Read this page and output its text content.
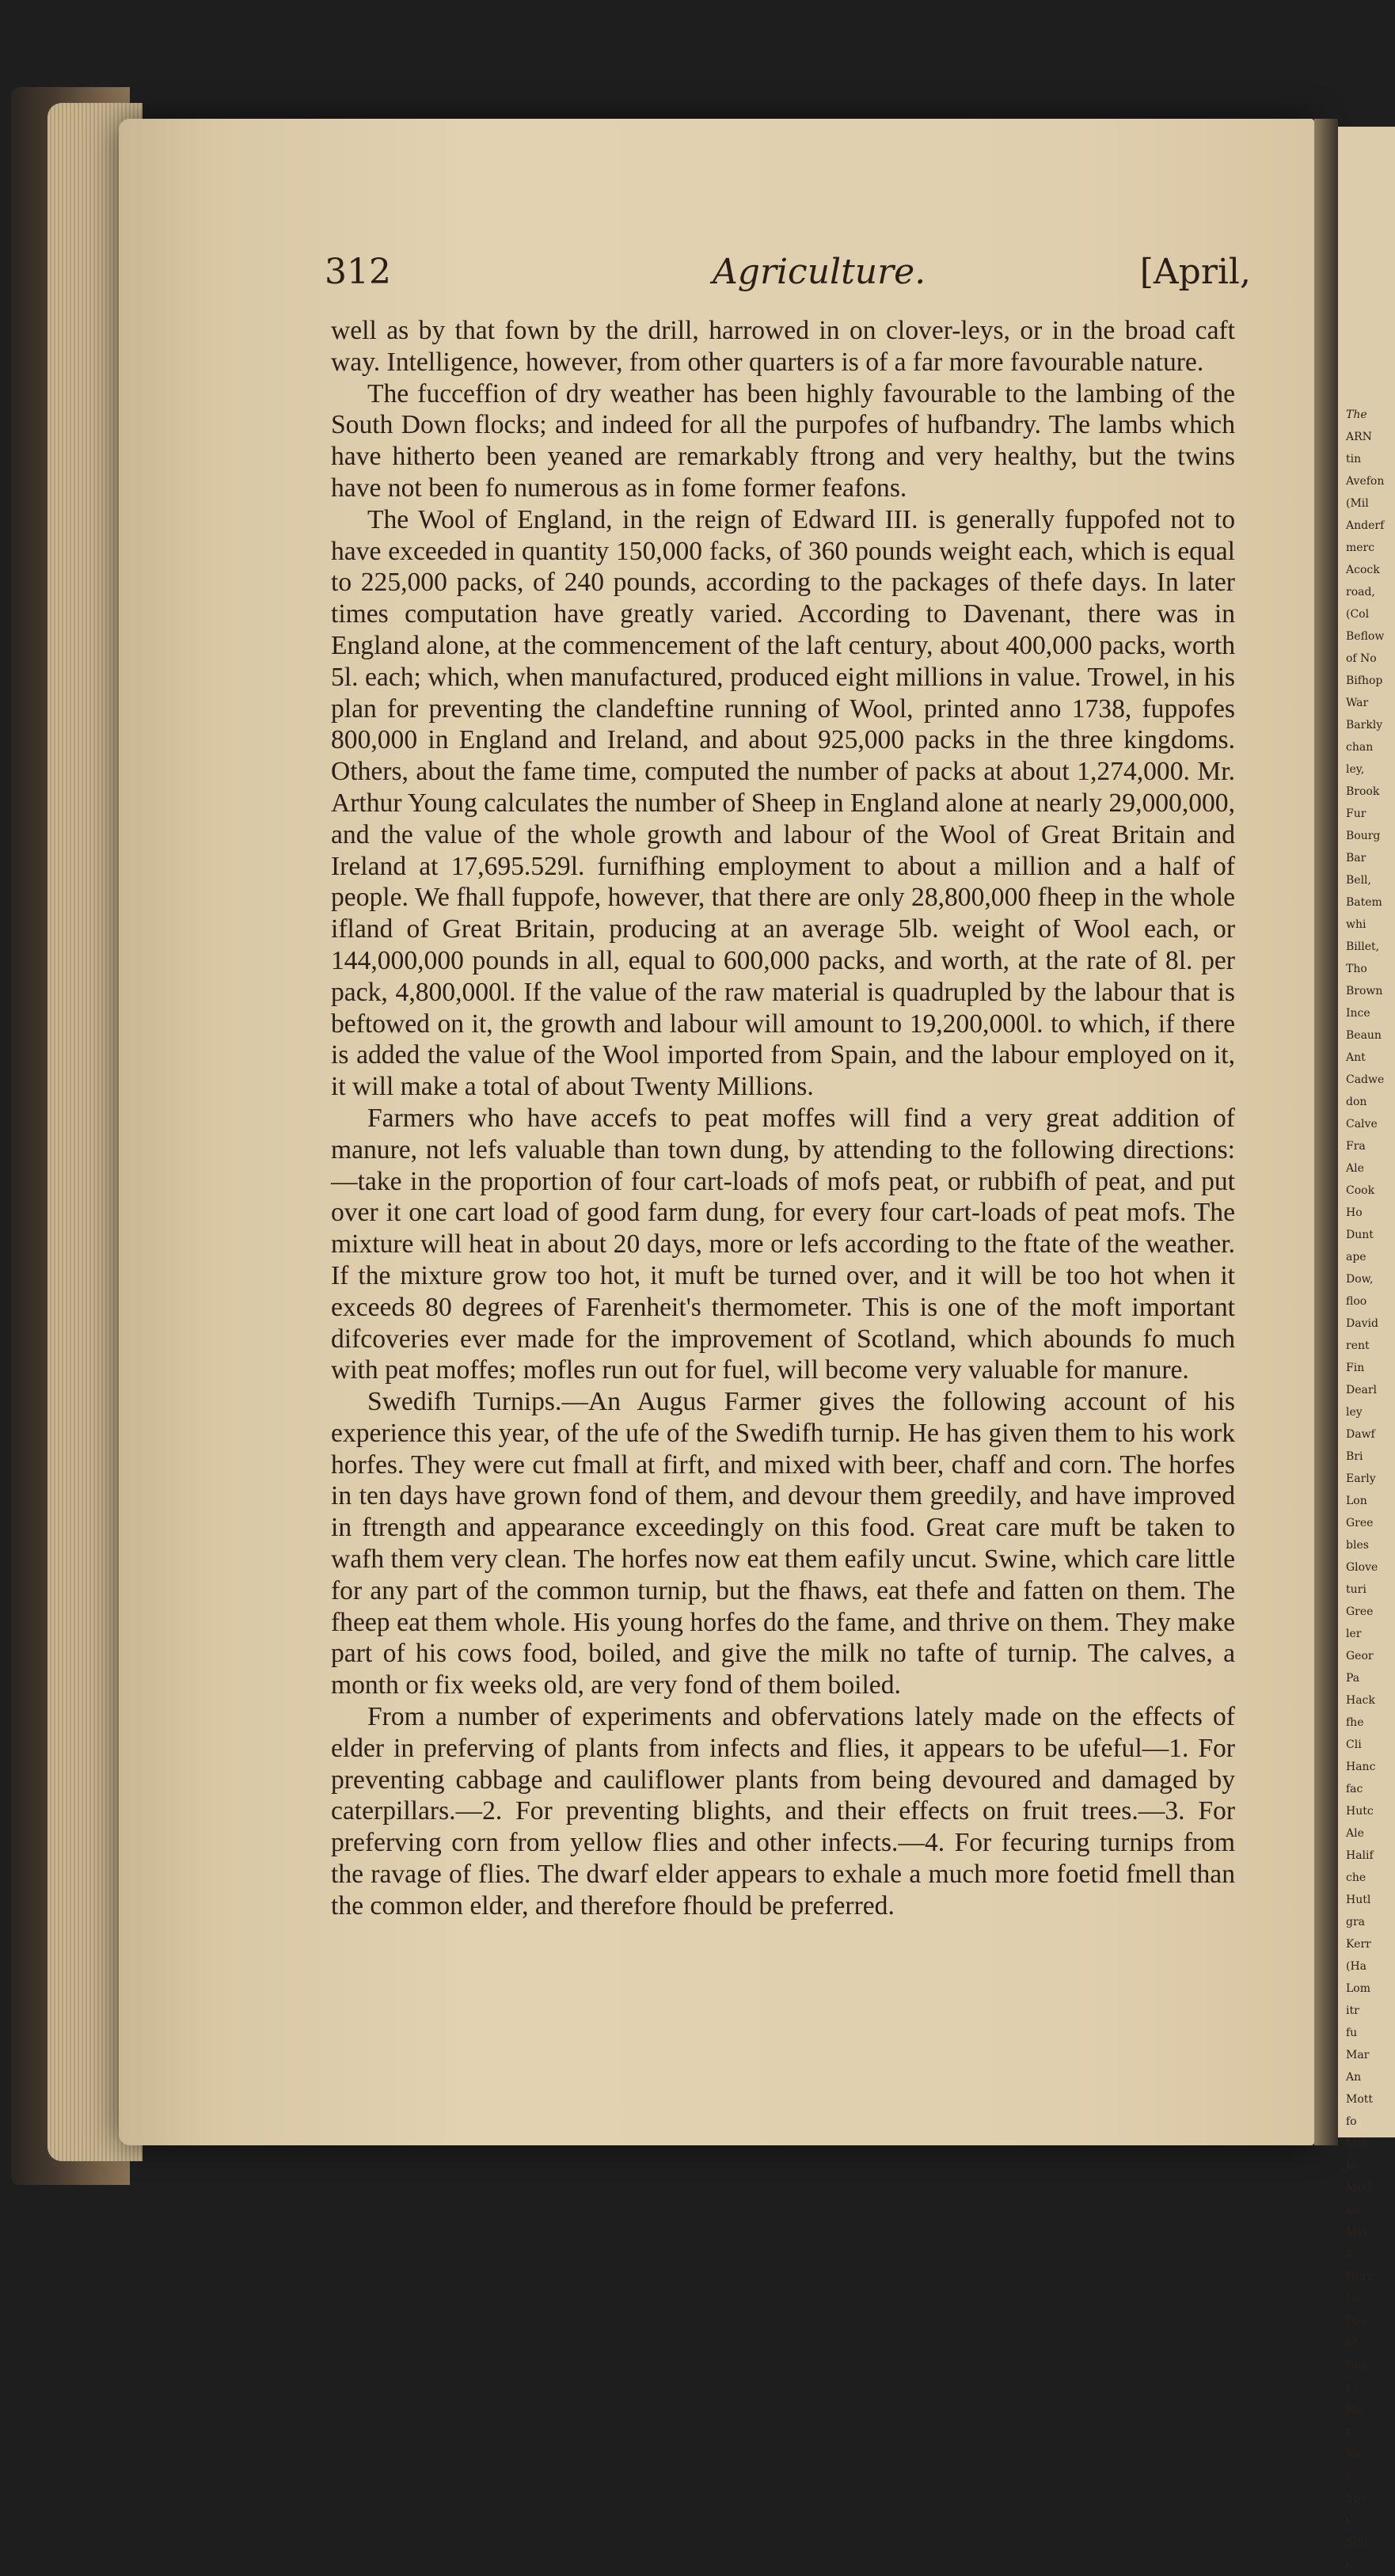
The
ARN
tin
Avefon
(Mil
Anderf
merc
Acock
road,
(Col
Beflow
of No
Bifhop
War
Barkly
chan
ley,
Brook
Fur
Bourg
Bar
Bell,
Batem
whi
Billet,
Tho
Brown
Ince
Beaun
Ant
Cadwe
don
Calve
Fra
Ale
Cook
Ho
Dunt
ape
Dow,
floo
David
rent
Fin
Dearl
ley
Dawf
Bri
Early
Lon
Gree
bles
Glove
turi
Gree
ler
Geor
Pa
Hack
fhe
Cli
Hanc
fac
Hutc
Ale
Halif
che
Hutl
gra
Kerr
(Ha
Lom
itr
fu
Mar
An
Mott
fo
Mitc
Ja
McC
an
Myl
fo
Norr
Lo
Pow
M
Ron
to
Ric
t
Ra
F
She
C
Smi
C
312	Agriculture.	[April,

well as by that fown by the drill, harrowed in on clover-leys, or in the broad caft way. Intelligence, however, from other quarters is of a far more favourable nature.

The fucceffion of dry weather has been highly favourable to the lambing of the South Down flocks; and indeed for all the purpofes of hufbandry. The lambs which have hitherto been yeaned are remarkably ftrong and very healthy, but the twins have not been fo numerous as in fome former feafons.

The Wool of England, in the reign of Edward III. is generally fuppofed not to have exceeded in quantity 150,000 facks, of 360 pounds weight each, which is equal to 225,000 packs, of 240 pounds, according to the packages of thefe days. In later times computation have greatly varied. According to Davenant, there was in England alone, at the commencement of the laft century, about 400,000 packs, worth 5l. each; which, when manufactured, produced eight millions in value. Trowel, in his plan for preventing the clandeftine running of Wool, printed anno 1738, fuppofes 800,000 in England and Ireland, and about 925,000 packs in the three kingdoms. Others, about the fame time, computed the number of packs at about 1,274,000. Mr. Arthur Young calculates the number of Sheep in England alone at nearly 29,000,000, and the value of the whole growth and labour of the Wool of Great Britain and Ireland at 17,695.529l. furnifhing employment to about a million and a half of people. We fhall fuppofe, however, that there are only 28,800,000 fheep in the whole ifland of Great Britain, producing at an average 5lb. weight of Wool each, or 144,000,000 pounds in all, equal to 600,000 packs, and worth, at the rate of 8l. per pack, 4,800,000l. If the value of the raw material is quadrupled by the labour that is beftowed on it, the growth and labour will amount to 19,200,000l. to which, if there is added the value of the Wool imported from Spain, and the labour employed on it, it will make a total of about Twenty Millions.

Farmers who have accefs to peat moffes will find a very great addition of manure, not lefs valuable than town dung, by attending to the following directions:—take in the proportion of four cart-loads of mofs peat, or rubbifh of peat, and put over it one cart load of good farm dung, for every four cart-loads of peat mofs. The mixture will heat in about 20 days, more or lefs according to the ftate of the weather. If the mixture grow too hot, it muft be turned over, and it will be too hot when it exceeds 80 degrees of Farenheit's thermometer. This is one of the moft important difcoveries ever made for the improvement of Scotland, which abounds fo much with peat moffes; mofles run out for fuel, will become very valuable for manure.

Swedifh Turnips.—An Augus Farmer gives the following account of his experience this year, of the ufe of the Swedifh turnip. He has given them to his work horfes. They were cut fmall at firft, and mixed with beer, chaff and corn. The horfes in ten days have grown fond of them, and devour them greedily, and have improved in ftrength and appearance exceedingly on this food. Great care muft be taken to wafh them very clean. The horfes now eat them eafily uncut. Swine, which care little for any part of the common turnip, but the fhaws, eat thefe and fatten on them. The fheep eat them whole. His young horfes do the fame, and thrive on them. They make part of his cows food, boiled, and give the milk no tafte of turnip. The calves, a month or fix weeks old, are very fond of them boiled.

From a number of experiments and obfervations lately made on the effects of elder in preferving of plants from infects and flies, it appears to be ufeful—1. For preventing cabbage and cauliflower plants from being devoured and damaged by caterpillars.—2. For preventing blights, and their effects on fruit trees.—3. For preferving corn from yellow flies and other infects.—4. For fecuring turnips from the ravage of flies. The dwarf elder appears to exhale a much more foetid fmell than the common elder, and therefore fhould be preferred.
